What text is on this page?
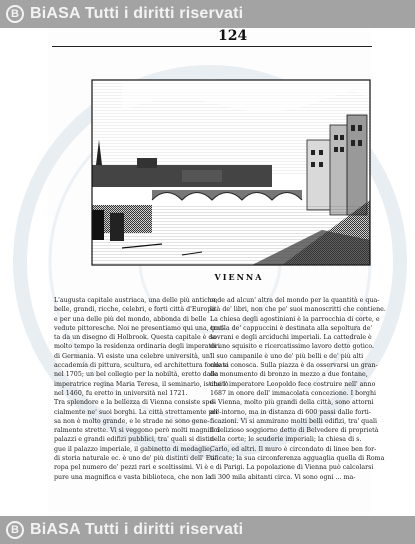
B BiASA Tutti i diritti riservati
124
VIENNA

L'augusta capitale austriaca, una delle più antiche,

belle, grandi, ricche, celebri, e forti città d'Europa

e per una delle più del mondo, abbonda di belle

vedute pittoresche. Noi ne presentiamo qui una, trat-

ta da un disegno di Holbrook. Questa capitale è da

molto tempo la residenza ordinaria degli imperatori

di Germania. Vi esiste una celebre università, un'

accademia di pittura, scultura, ed architettura fondata

nel 1705; un bel collegio per la nobiltà, eretto dalla

imperatrice regina Maria Teresa, il seminario, istituito

nel 1460, fu eretto in università nel 1721.

Tra splendore e la bellezza di Vienna consiste spe-

cialmente ne' suoi borghi. La città strettamente pre-

sa non è molto grande, e le strade ne sono gene-

ralmente strette. Vi si veggono però molti magnifici

palazzi e grandi edifizi pubblici, tra' quali si distin-

gue il palazzo imperiale, il gabinetto di medaglie,

di storia naturale ec. è uno de' più distinti dell' Eu-

ropa pel numero de' pezzi rari e sceltissimi. Vi è

pure una magnifica e vasta biblioteca, che non la

cede ad alcun' altra del mondo per la quantità e qua-

lità de' libri, non che pe' suoi manoscritti che contiene.

La chiesa degli agostiniani è la parrocchia di corte, e

quella de' cappuccini è destinata alla sepoltura de'

sovrani e degli arciduchi imperiali. La cattedrale è

di uno squisito e ricercatissimo lavoro detto gotico.

Il suo campanile è uno de' più belli e de' più alti

che si conosca. Sulla piazza è da osservarsi un gran-

de monumento di bronzo in mezzo a due fontane,

che l' imperatore Leopoldo fece costruire nell' anno

1687 in onore dell' immacolata concezione. I borghi

di Vienna, molto più grandi della città, sono attorni

all' intorno, ma in distanza di 600 passi dalle forti-

ficazioni. Vi si ammirano molti belli edifizi, tra' quali

il delizioso soggiorno detto di Belvedere di proprietà

della corte; le scuderie imperiali; la chiesa di s.

Carlo, ed altri. Il muro è circondato di linee ben for-

tificate; la sua circonferenza agguaglia quella di Roma

e di Parigi. La popolazione di Vienna può calcolarsi

di 300 mila abitanti circa. Vi sono ogni ... ma-

B BiASA Tutti i diritti riservati
